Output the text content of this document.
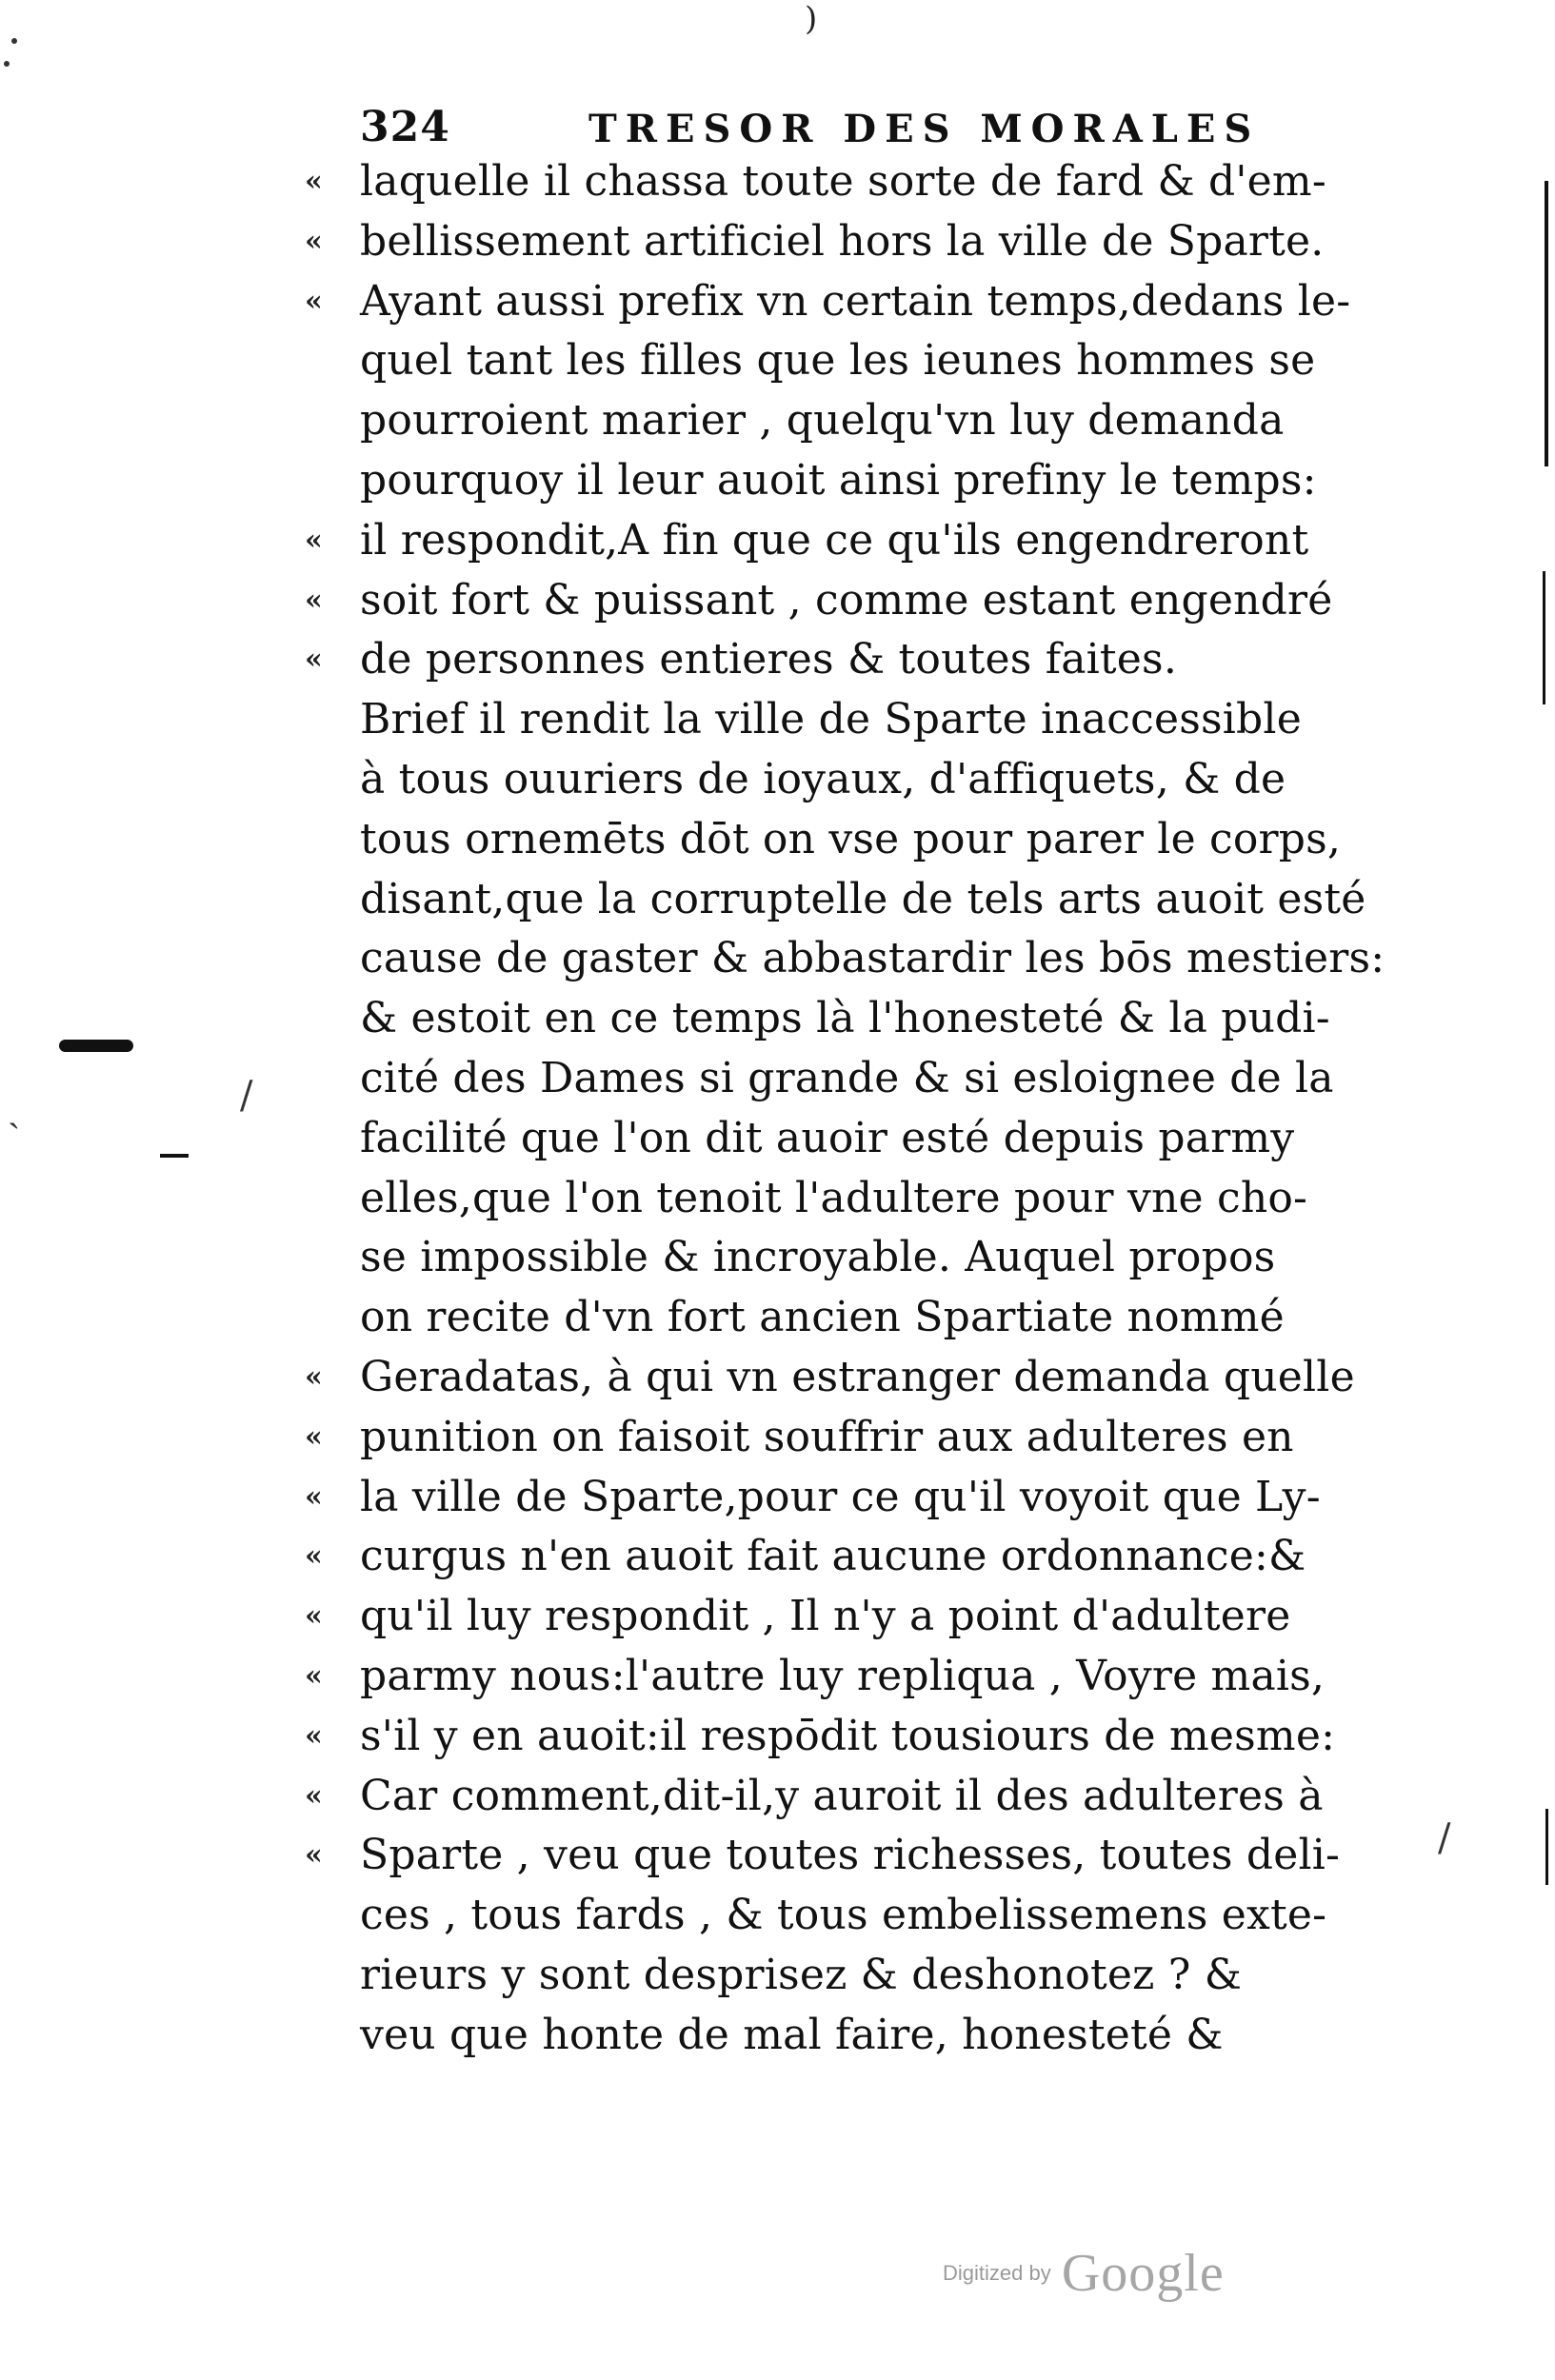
)
324	TRESOR DES MORALES
« laquelle il chassa toute sorte de fard & d'em-
« bellissement artificiel hors la ville de Sparte.
« Ayant aussi prefix vn certain temps,dedans le-
quel tant les filles que les ieunes hommes se
pourroient marier , quelqu'vn luy demanda
pourquoy il leur auoit ainsi prefiny le temps:
« il respondit,A fin que ce qu'ils engendreront
« soit fort & puissant , comme estant engendré
« de personnes entieres & toutes faites.
Brief il rendit la ville de Sparte inaccessible
à tous ouuriers de ioyaux, d'affiquets, & de
tous ornemēts dōt on vse pour parer le corps,
disant,que la corruptelle de tels arts auoit esté
cause de gaster & abbastardir les bōs mestiers:
& estoit en ce temps là l'honesteté & la pudi-
cité des Dames si grande & si esloignee de la
facilité que l'on dit auoir esté depuis parmy
elles,que l'on tenoit l'adultere pour vne cho-
se impossible & incroyable. Auquel propos
on recite d'vn fort ancien Spartiate nommé
« Geradatas, à qui vn estranger demanda quelle
« punition on faisoit souffrir aux adulteres en
« la ville de Sparte,pour ce qu'il voyoit que Ly-
« curgus n'en auoit fait aucune ordonnance:&
« qu'il luy respondit , Il n'y a point d'adultere
« parmy nous:l'autre luy repliqua , Voyre mais,
« s'il y en auoit:il respōdit tousiours de mesme:
« Car comment,dit-il,y auroit il des adulteres à
« Sparte , veu que toutes richesses, toutes deli-
ces , tous fards , & tous embelissemens exte-
rieurs y sont desprisez & deshonotez ? &
veu que honte de mal faire, honesteté &
ˎ	/
/
Digitized by Google
